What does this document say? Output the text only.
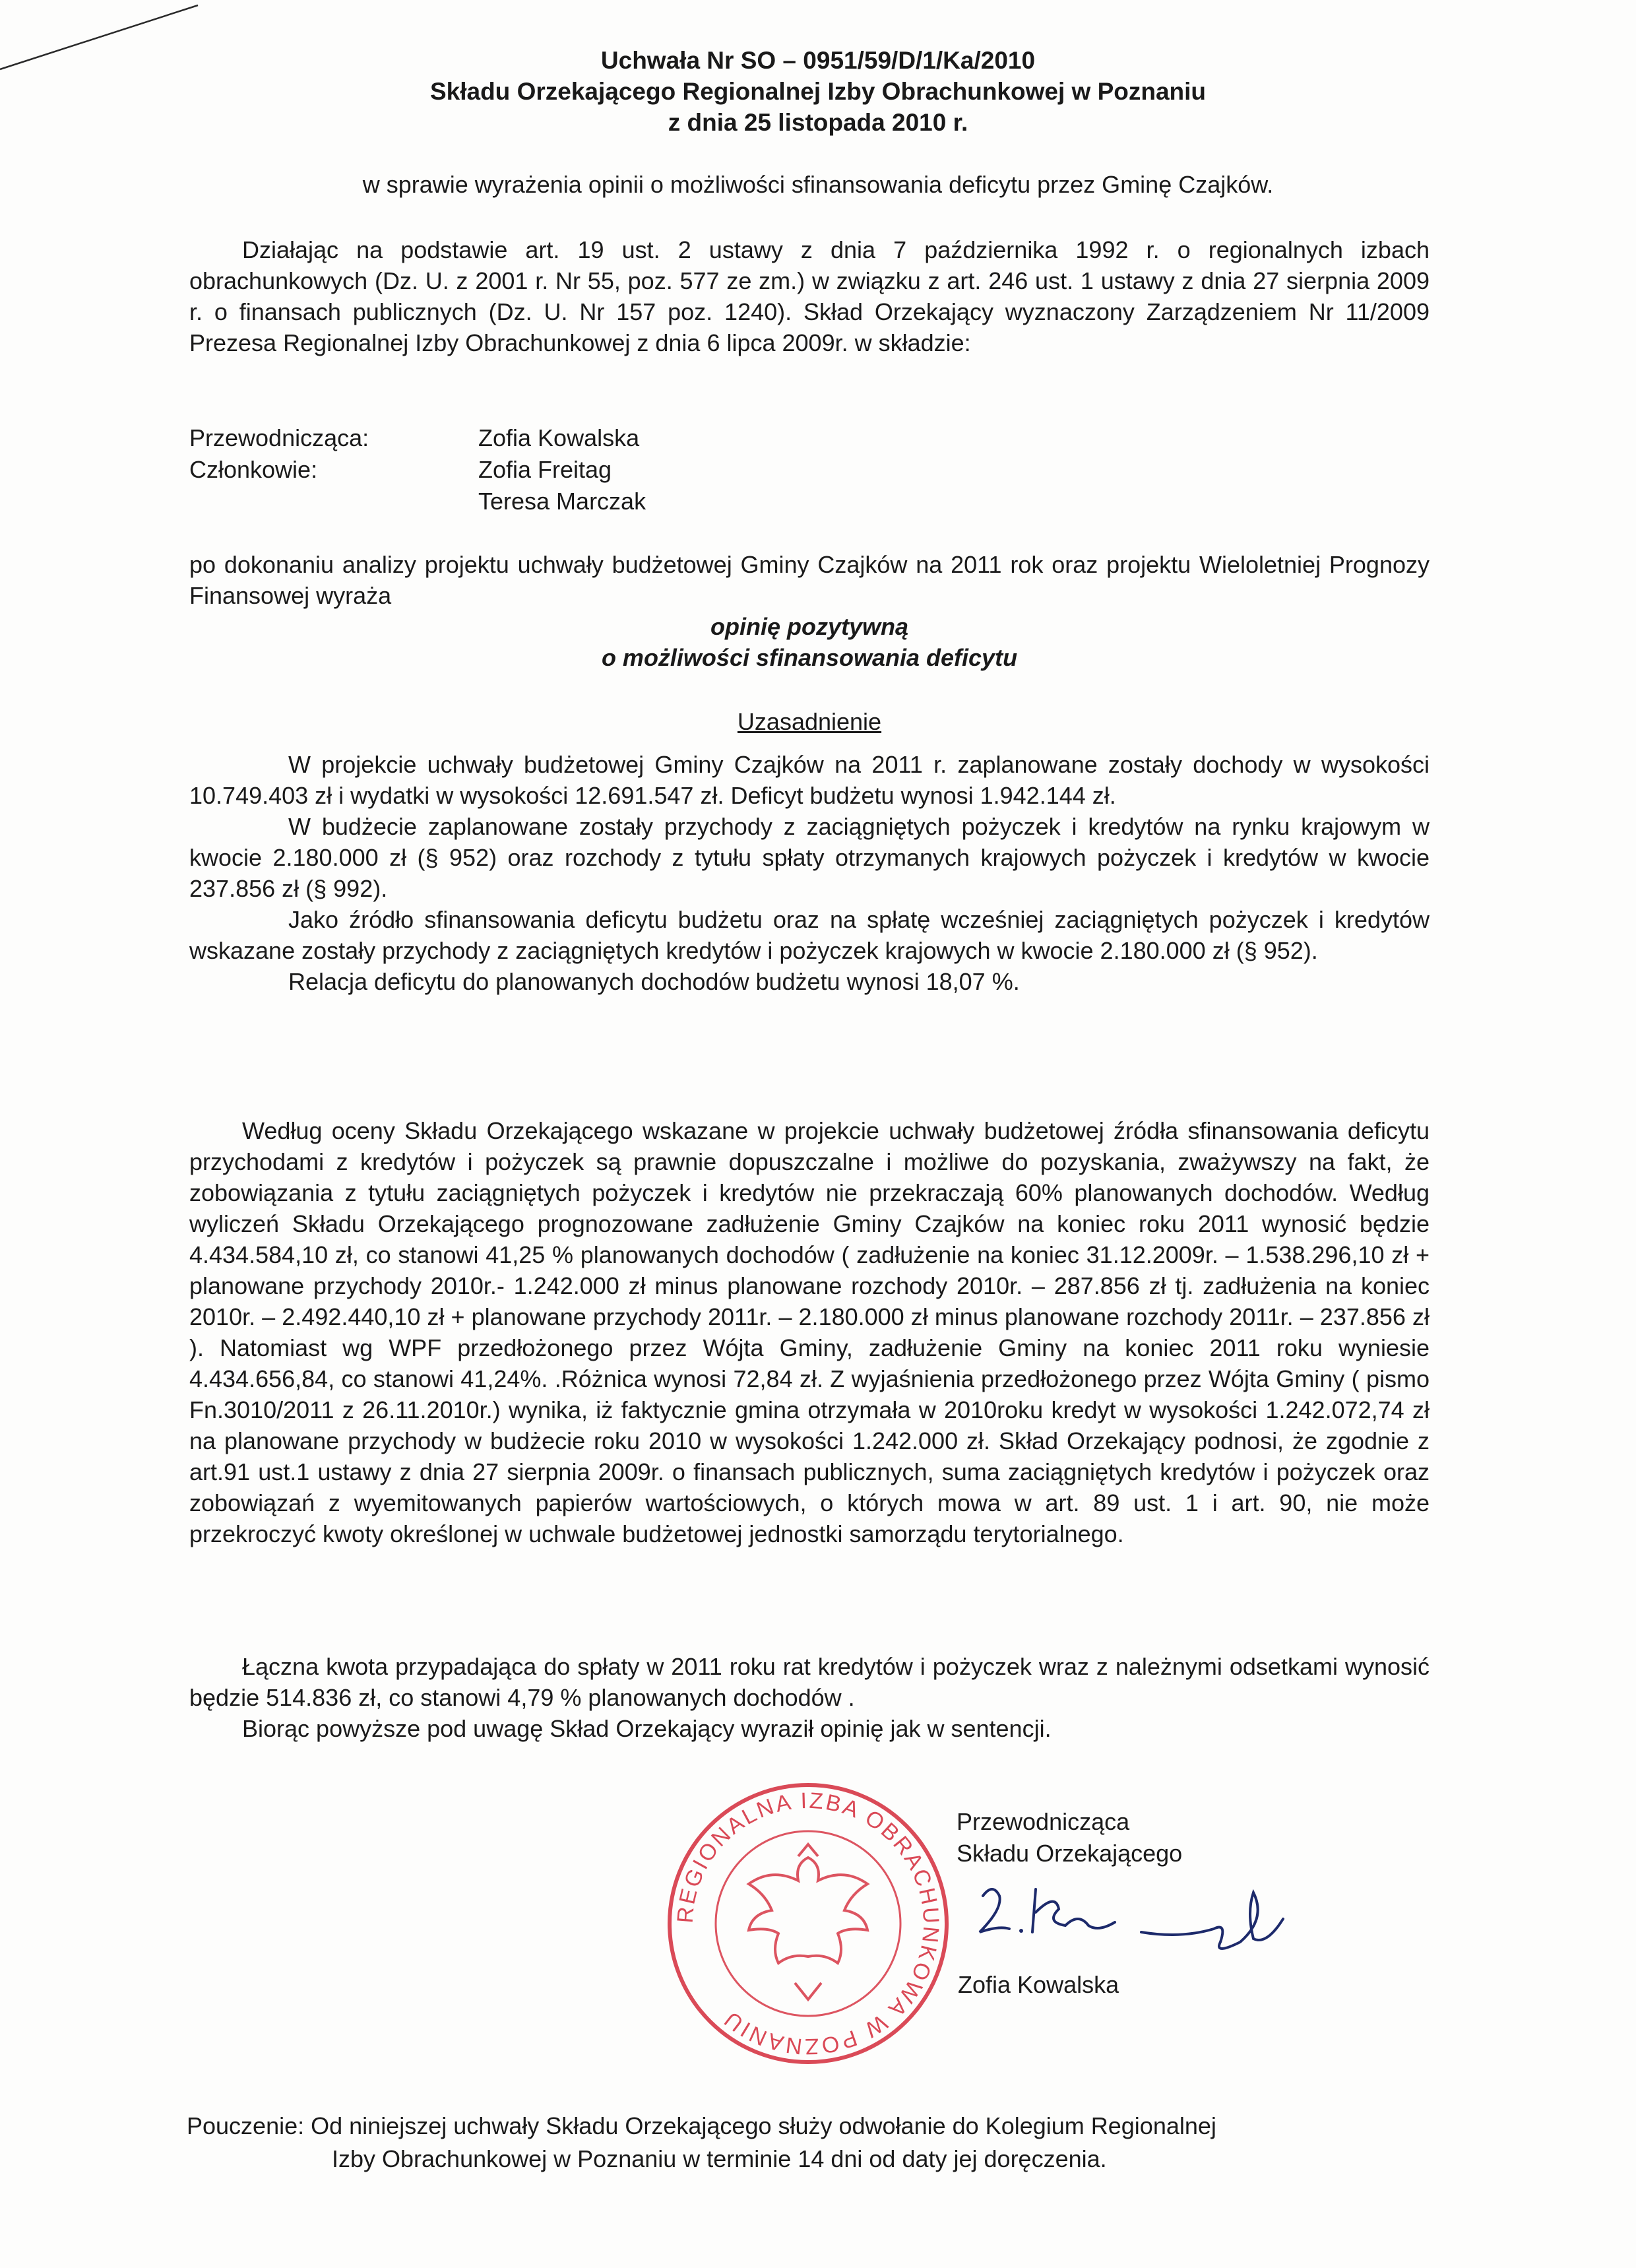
Uchwała Nr SO – 0951/59/D/1/Ka/2010
Składu Orzekającego Regionalnej Izby Obrachunkowej w Poznaniu
z dnia 25 listopada 2010 r.
w sprawie wyrażenia opinii o możliwości sfinansowania deficytu przez Gminę Czajków.

Działając na podstawie art. 19 ust. 2 ustawy z dnia 7 października 1992 r. o regionalnych izbach obrachunkowych (Dz. U. z 2001 r. Nr 55, poz. 577 ze zm.) w związku z art. 246 ust. 1 ustawy z dnia 27 sierpnia 2009 r. o finansach publicznych (Dz. U. Nr 157 poz. 1240). Skład Orzekający wyznaczony Zarządzeniem Nr 11/2009 Prezesa Regionalnej Izby Obrachunkowej z dnia 6 lipca 2009r. w składzie:

Przewodnicząca:	Zofia Kowalska
Członkowie:	Zofia Freitag
Teresa Marczak

po dokonaniu analizy projektu uchwały budżetowej Gminy Czajków na 2011 rok oraz projektu Wieloletniej Prognozy Finansowej wyraża

opinię pozytywną

o możliwości sfinansowania deficytu

Uzasadnienie

W projekcie uchwały budżetowej Gminy Czajków na 2011 r. zaplanowane zostały dochody w wysokości 10.749.403 zł i wydatki w wysokości 12.691.547 zł. Deficyt budżetu wynosi 1.942.144 zł.

W budżecie zaplanowane zostały przychody z zaciągniętych pożyczek i kredytów na rynku krajowym w kwocie 2.180.000 zł (§ 952) oraz rozchody z tytułu spłaty otrzymanych krajowych pożyczek i kredytów w kwocie 237.856 zł (§ 992).

Jako źródło sfinansowania deficytu budżetu oraz na spłatę wcześniej zaciągniętych pożyczek i kredytów wskazane zostały przychody z zaciągniętych kredytów i pożyczek krajowych w kwocie 2.180.000 zł (§ 952).

Relacja deficytu do planowanych dochodów budżetu wynosi 18,07 %.

Według oceny Składu Orzekającego wskazane w projekcie uchwały budżetowej źródła sfinansowania deficytu przychodami z kredytów i pożyczek są prawnie dopuszczalne i możliwe do pozyskania, zważywszy na fakt, że zobowiązania z tytułu zaciągniętych pożyczek i kredytów nie przekraczają 60% planowanych dochodów. Według wyliczeń Składu Orzekającego prognozowane zadłużenie Gminy Czajków na koniec roku 2011 wynosić będzie 4.434.584,10 zł, co stanowi 41,25 % planowanych dochodów ( zadłużenie na koniec 31.12.2009r. – 1.538.296,10 zł + planowane przychody 2010r.- 1.242.000 zł minus planowane rozchody 2010r. – 287.856 zł tj. zadłużenia na koniec 2010r. – 2.492.440,10 zł + planowane przychody 2011r. – 2.180.000 zł minus planowane rozchody 2011r. – 237.856 zł ). Natomiast wg WPF przedłożonego przez Wójta Gminy, zadłużenie Gminy na koniec 2011 roku wyniesie 4.434.656,84, co stanowi 41,24%. .Różnica wynosi 72,84 zł. Z wyjaśnienia przedłożonego przez Wójta Gminy ( pismo Fn.3010/2011 z 26.11.2010r.) wynika, iż faktycznie gmina otrzymała w 2010roku kredyt w wysokości 1.242.072,74 zł na planowane przychody w budżecie roku 2010 w wysokości 1.242.000 zł. Skład Orzekający podnosi, że zgodnie z art.91 ust.1 ustawy z dnia 27 sierpnia 2009r. o finansach publicznych, suma zaciągniętych kredytów i pożyczek oraz zobowiązań z wyemitowanych papierów wartościowych, o których mowa w art. 89 ust. 1 i art. 90, nie może przekroczyć kwoty określonej w uchwale budżetowej jednostki samorządu terytorialnego.

Łączna kwota przypadająca do spłaty w 2011 roku rat kredytów i pożyczek wraz z należnymi odsetkami wynosić będzie 514.836 zł, co stanowi 4,79 % planowanych dochodów .

Biorąc powyższe pod uwagę Skład Orzekający wyraził opinię jak w sentencji.

REGIONALNA IZBA OBRACHUNKOWA W POZNANIU
Przewodnicząca
Składu Orzekającego
Zofia Kowalska
Pouczenie: Od niniejszej uchwały Składu Orzekającego służy odwołanie do Kolegium Regionalnej
Izby Obrachunkowej w Poznaniu w terminie 14 dni od daty jej doręczenia.
